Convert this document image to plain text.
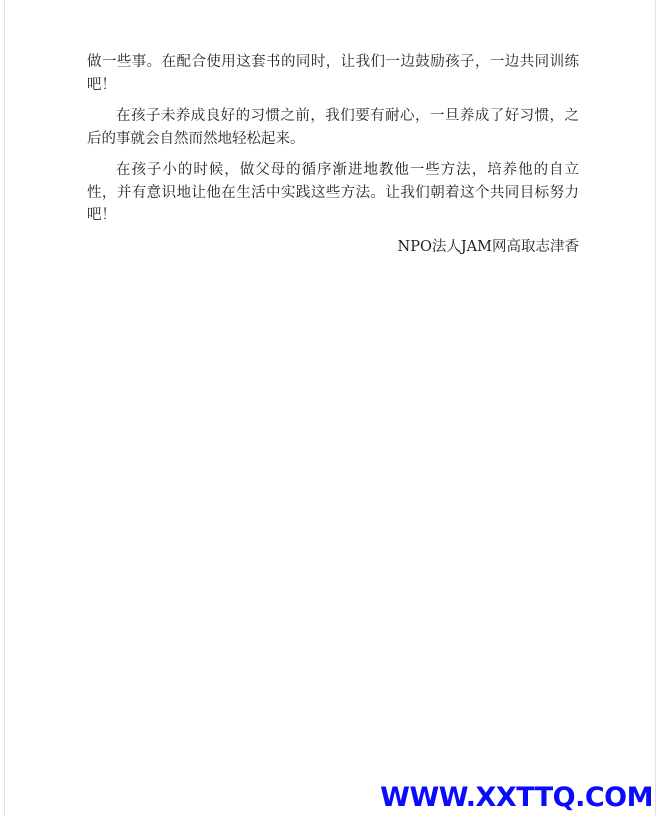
做一些事。在配合使用这套书的同时，让我们一边鼓励孩子，一边共同训练吧！

在孩子未养成良好的习惯之前，我们要有耐心，一旦养成了好习惯，之后的事就会自然而然地轻松起来。

在孩子小的时候，做父母的循序渐进地教他一些方法，培养他的自立性，并有意识地让他在生活中实践这些方法。让我们朝着这个共同目标努力吧！

NPO法人JAM网高取志津香
WWW.XXTTQ.COM
